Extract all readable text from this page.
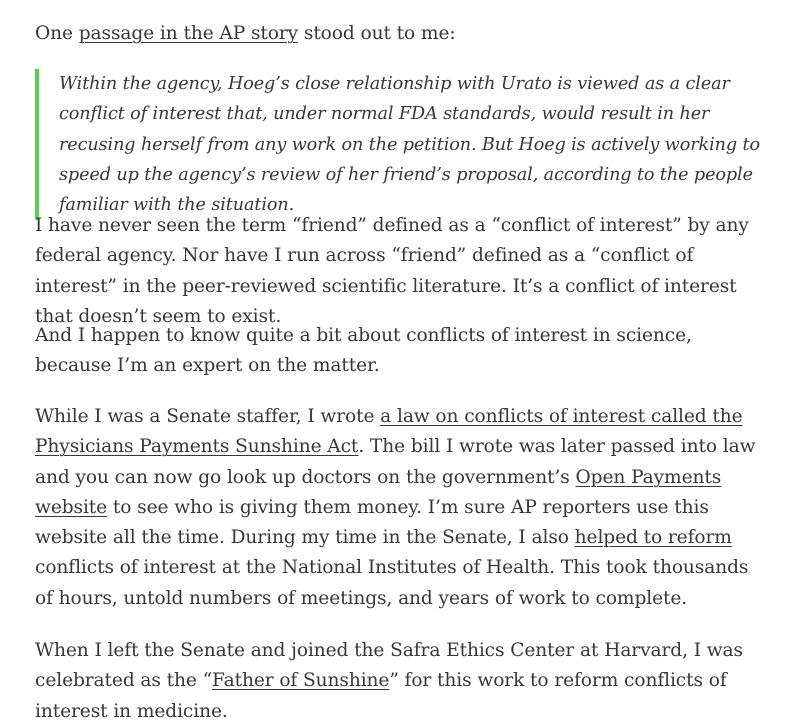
One passage in the AP story stood out to me:

Within the agency, Hoeg’s close relationship with Urato is viewed as a clear conflict of interest that, under normal FDA standards, would result in her recusing herself from any work on the petition. But Hoeg is actively working to speed up the agency’s review of her friend’s proposal, according to the people familiar with the situation.

I have never seen the term “friend” defined as a “conflict of interest” by any federal agency. Nor have I run across “friend” defined as a “conflict of interest” in the peer-reviewed scientific literature. It’s a conflict of interest that doesn’t seem to exist.

And I happen to know quite a bit about conflicts of interest in science, because I’m an expert on the matter.

While I was a Senate staffer, I wrote a law on conflicts of interest called the Physicians Payments Sunshine Act. The bill I wrote was later passed into law and you can now go look up doctors on the government’s Open Payments website to see who is giving them money. I’m sure AP reporters use this website all the time. During my time in the Senate, I also helped to reform conflicts of interest at the National Institutes of Health. This took thousands of hours, untold numbers of meetings, and years of work to complete.

When I left the Senate and joined the Safra Ethics Center at Harvard, I was celebrated as the “Father of Sunshine” for this work to reform conflicts of interest in medicine.
